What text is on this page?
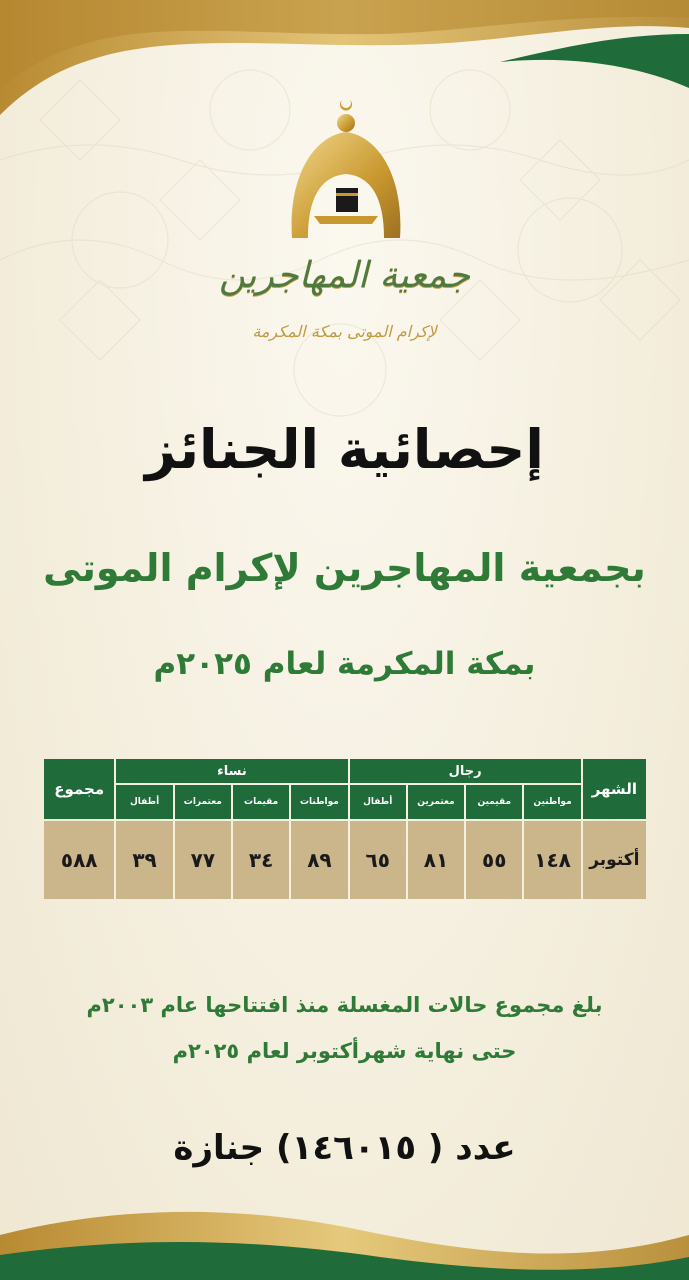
جمعية المهاجرين
لإكرام الموتى بمكة المكرمة
إحصائية الجنائز
بجمعية المهاجرين لإكرام الموتى
بمكة المكرمة لعام ٢٠٢٥م
الشهر	رجال				نساء				مجموع
	مواطنين	مقيمين	معتمرين	أطفال	مواطنات	مقيمات	معتمرات	أطفال	
أكتوبر	١٤٨	٥٥	٨١	٦٥	٨٩	٣٤	٧٧	٣٩	٥٨٨
بلغ مجموع حالات المغسلة منذ افتتاحها عام ٢٠٠٣م
حتى نهاية شهرأكتوبر لعام ٢٠٢٥م
عدد ( ١٤٦٠١٥) جنازة
